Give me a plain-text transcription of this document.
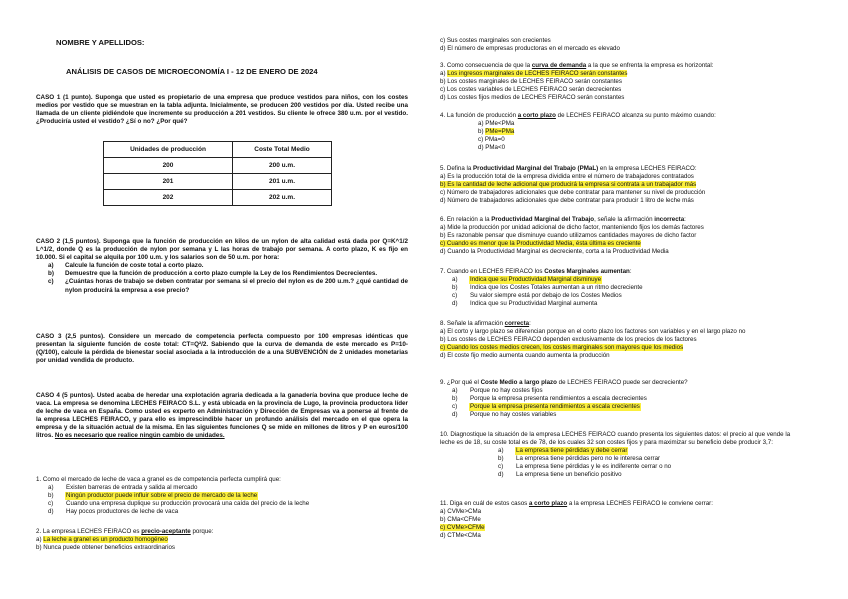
NOMBRE Y APELLIDOS:

ANÁLISIS DE CASOS DE MICROECONOMÍA I - 12 DE ENERO DE 2024

CASO 1 (1 punto). Suponga que usted es propietario de una empresa que produce vestidos para niños, con los costes medios por vestido que se muestran en la tabla adjunta. Inicialmente, se producen 200 vestidos por día. Usted recibe una llamada de un cliente pidiéndole que incremente su producción a 201 vestidos. Su cliente le ofrece 380 u.m. por el vestido. ¿Produciría usted el vestido? ¿Sí o no? ¿Por qué?

Unidades de producción	Coste Total Medio
200	200 u.m.
201	201 u.m.
202	202 u.m.

CASO 2 (1,5 puntos). Suponga que la función de producción en kilos de un nylon de alta calidad está dada por Q=K^1/2 L^1/2, donde Q es la producción de nylon por semana y L las horas de trabajo por semana. A corto plazo, K es fijo en 10.000. Si el capital se alquila por 100 u.m. y los salarios son de 50 u.m. por hora:

a)	Calcule la función de coste total a corto plazo.
b)	Demuestre que la función de producción a corto plazo cumple la Ley de los Rendimientos Decrecientes.
c)	¿Cuántas horas de trabajo se deben contratar por semana si el precio del nylon es de 200 u.m.? ¿qué cantidad de nylon producirá la empresa a ese precio?

CASO 3 (2,5 puntos). Considere un mercado de competencia perfecta compuesto por 100 empresas idénticas que presentan la siguiente función de coste total: CT=Q²/2. Sabiendo que la curva de demanda de este mercado es P=10-(Q/100), calcule la pérdida de bienestar social asociada a la introducción de a una SUBVENCIÓN de 2 unidades monetarias por unidad vendida de producto.

CASO 4 (5 puntos). Usted acaba de heredar una explotación agraria dedicada a la ganadería bovina que produce leche de vaca. La empresa se denomina LECHES FEIRACO S.L. y está ubicada en la provincia de Lugo, la provincia productora líder de leche de vaca en España. Como usted es experto en Administración y Dirección de Empresas va a ponerse al frente de la empresa LECHES FEIRACO, y para ello es imprescindible hacer un profundo análisis del mercado en el que opera la empresa y de la situación actual de la misma. En las siguientes funciones Q se mide en millones de litros y P en euros/100 litros. No es necesario que realice ningún cambio de unidades.

1. Como el mercado de leche de vaca a granel es de competencia perfecta cumplirá que:

a)	Existen barreras de entrada y salida al mercado
b)	Ningún productor puede influir sobre el precio de mercado de la leche
c)	Cuando una empresa duplique su producción provocará una caída del precio de la leche
d)	Hay pocos productores de leche de vaca

2. La empresa LECHES FEIRACO es precio-aceptante porque:

a) La leche a granel es un producto homogéneo
b) Nunca puede obtener beneficios extraordinarios
c) Sus costes marginales son crecientes
d) El número de empresas productoras en el mercado es elevado

3. Como consecuencia de que la curva de demanda a la que se enfrenta la empresa es horizontal:

a) Los ingresos marginales de LECHES FEIRACO serán constantes
b) Los costes marginales de LECHES FEIRACO serán constantes
c) Los costes variables de LECHES FEIRACO serán decrecientes
d) Los costes fijos medios de LECHES FEIRACO serán constantes

4. La función de producción a corto plazo de LECHES FEIRACO alcanza su punto máximo cuando:

a) PMe<PMa
b) PMe=PMa
c) PMa=0
d) PMa<0

5. Defina la Productividad Marginal del Trabajo (PMaL) en la empresa LECHES FEIRACO:

a) Es la producción total de la empresa dividida entre el número de trabajadores contratados
b) Es la cantidad de leche adicional que producirá la empresa si contrata a un trabajador más
c) Número de trabajadores adicionales que debe contratar para mantener su nivel de producción
d) Número de trabajadores adicionales que debe contratar para producir 1 litro de leche más

6. En relación a la Productividad Marginal del Trabajo, señale la afirmación incorrecta:

a) Mide la producción por unidad adicional de dicho factor, manteniendo fijos los demás factores
b) Es razonable pensar que disminuye cuando utilizamos cantidades mayores de dicho factor
c) Cuando es menor que la Productividad Media, ésta última es creciente
d) Cuando la Productividad Marginal es decreciente, corta a la Productividad Media

7. Cuando en LECHES FEIRACO los Costes Marginales aumentan:

a)	Indica que su Productividad Marginal disminuye
b)	Indica que los Costes Totales aumentan a un ritmo decreciente
c)	Su valor siempre está por debajo de los Costes Medios
d)	Indica que su Productividad Marginal aumenta

8. Señale la afirmación correcta:

a) El corto y largo plazo se diferencian porque en el corto plazo los factores son variables y en el largo plazo no
b) Los costes de LECHES FEIRACO dependen exclusivamente de los precios de los factores
c) Cuando los costes medios crecen, los costes marginales son mayores que los medios
d) El coste fijo medio aumenta cuando aumenta la producción

9. ¿Por qué el Coste Medio a largo plazo de LECHES FEIRACO puede ser decreciente?

a)	Porque no hay costes fijos
b)	Porque la empresa presenta rendimientos a escala decrecientes
c)	Porque la empresa presenta rendimientos a escala crecientes
d)	Porque no hay costes variables

10. Diagnostique la situación de la empresa LECHES FEIRACO cuando presenta los siguientes datos: el precio al que vende la leche es de 18, su coste total es de 78, de los cuales 32 son costes fijos y para maximizar su beneficio debe producir 3,7:

a)	La empresa tiene pérdidas y debe cerrar
b)	La empresa tiene pérdidas pero no le interesa cerrar
c)	La empresa tiene pérdidas y le es indiferente cerrar o no
d)	La empresa tiene un beneficio positivo

11. Diga en cuál de estos casos a corto plazo a la empresa LECHES FEIRACO le conviene cerrar:

a) CVMe>CMa
b) CMa<CFMe
c) CVMe>CFMe
d) CTMe<CMa
